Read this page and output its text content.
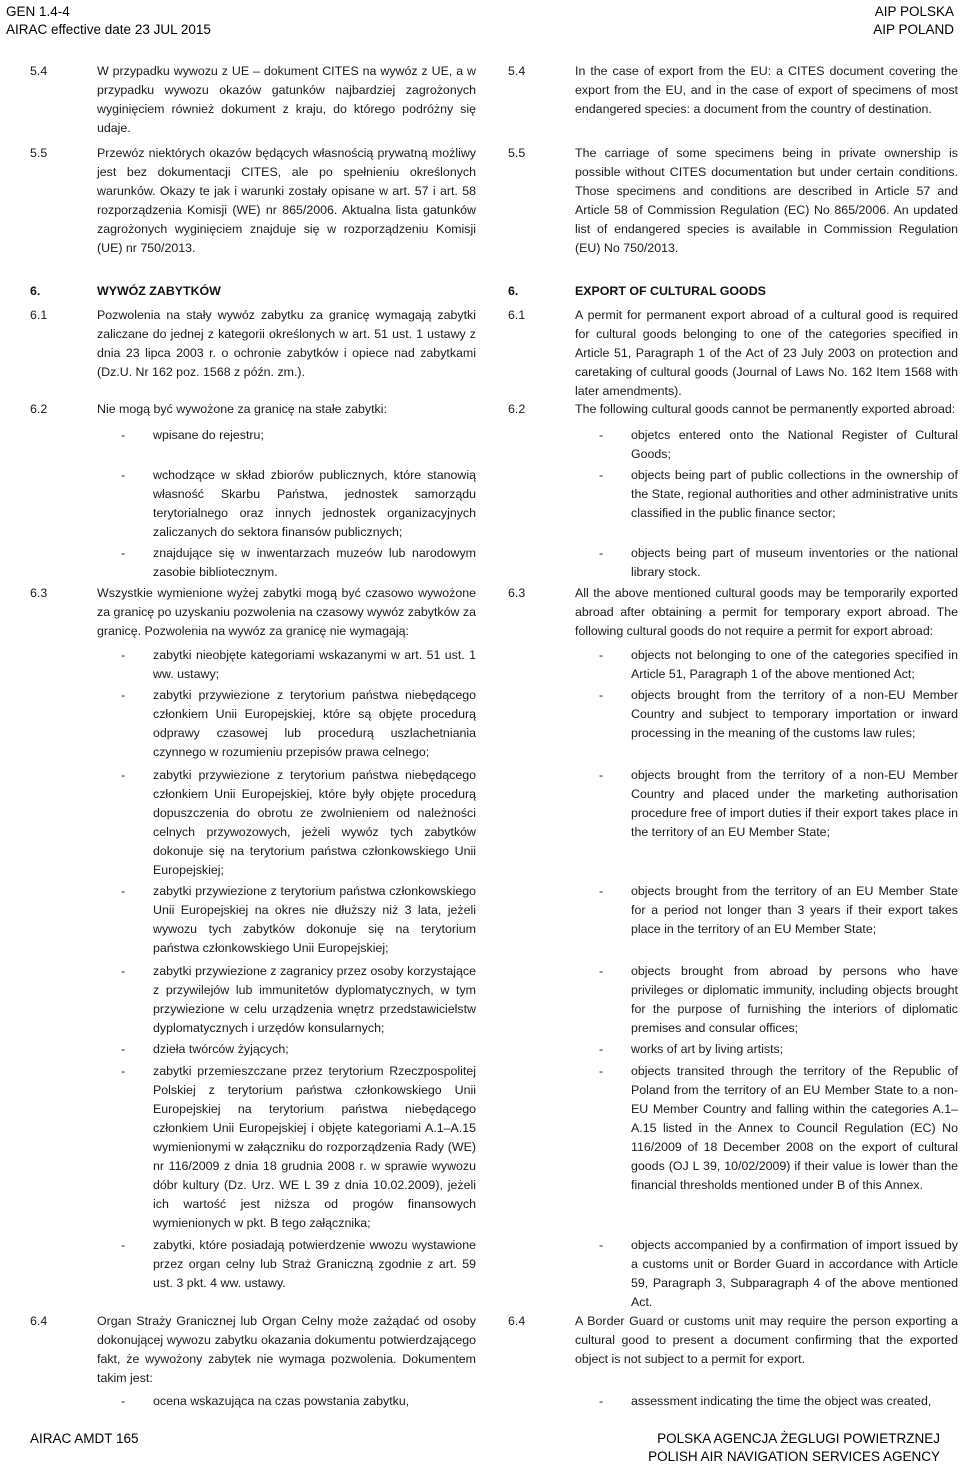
GEN 1.4-4
AIRAC effective date 23 JUL 2015
AIP POLSKA
AIP POLAND
5.4	W przypadku wywozu z UE – dokument CITES na wywóz z UE, a w przypadku wywozu okazów gatunków najbardziej zagrożonych wyginięciem również dokument z kraju, do którego podróżny się udaje.
5.5	Przewóz niektórych okazów będących własnością prywatną możliwy jest bez dokumentacji CITES, ale po spełnieniu określonych warunków. Okazy te jak i warunki zostały opisane w art. 57 i art. 58 rozporządzenia Komisji (WE) nr 865/2006. Aktualna lista gatunków zagrożonych wyginięciem znajduje się w rozporządzeniu Komisji (UE) nr 750/2013.
6.	WYWÓZ ZABYTKÓW
6.1	Pozwolenia na stały wywóz zabytku za granicę wymagają zabytki zaliczane do jednej z kategorii określonych w art. 51 ust. 1 ustawy z dnia 23 lipca 2003 r. o ochronie zabytków i opiece nad zabytkami (Dz.U. Nr 162 poz. 1568 z późn. zm.).
6.2	Nie mogą być wywożone za granicę na stałe zabytki:
- wpisane do rejestru;
- wchodzące w skład zbiorów publicznych, które stanowią własność Skarbu Państwa, jednostek samorządu terytorialnego oraz innych jednostek organizacyjnych zaliczanych do sektora finansów publicznych;
- znajdujące się w inwentarzach muzeów lub narodowym zasobie bibliotecznym.
6.3	Wszystkie wymienione wyżej zabytki mogą być czasowo wywożone za granicę po uzyskaniu pozwolenia na czasowy wywóz zabytków za granicę. Pozwolenia na wywóz za granicę nie wymagają:
- zabytki nieobjęte kategoriami wskazanymi w art. 51 ust. 1 ww. ustawy;
- zabytki przywiezione z terytorium państwa niebędącego członkiem Unii Europejskiej, które są objęte procedurą odprawy czasowej lub procedurą uszlachetniania czynnego w rozumieniu przepisów prawa celnego;
- zabytki przywiezione z terytorium państwa niebędącego członkiem Unii Europejskiej, które były objęte procedurą dopuszczenia do obrotu ze zwolnieniem od należności celnych przywozowych, jeżeli wywóz tych zabytków dokonuje się na terytorium państwa członkowskiego Unii Europejskiej;
- zabytki przywiezione z terytorium państwa członkowskiego Unii Europejskiej na okres nie dłuższy niż 3 lata, jeżeli wywozu tych zabytków dokonuje się na terytorium państwa członkowskiego Unii Europejskiej;
- zabytki przywiezione z zagranicy przez osoby korzystające z przywilejów lub immunitetów dyplomatycznych, w tym przywiezione w celu urządzenia wnętrz przedstawicielstw dyplomatycznych i urzędów konsularnych;
- dzieła twórców żyjących;
- zabytki przemieszczane przez terytorium Rzeczpospolitej Polskiej z terytorium państwa członkowskiego Unii Europejskiej na terytorium państwa niebędącego członkiem Unii Europejskiej i objęte kategoriami A.1–A.15 wymienionymi w załączniku do rozporządzenia Rady (WE) nr 116/2009 z dnia 18 grudnia 2008 r. w sprawie wywozu dóbr kultury (Dz. Urz. WE L 39 z dnia 10.02.2009), jeżeli ich wartość jest niższa od progów finansowych wymienionych w pkt. B tego załącznika;
- zabytki, które posiadają potwierdzenie wwozu wystawione przez organ celny lub Straż Graniczną zgodnie z art. 59 ust. 3 pkt. 4 ww. ustawy.
6.4	Organ Straży Granicznej lub Organ Celny może zażądać od osoby dokonującej wywozu zabytku okazania dokumentu potwierdzającego fakt, że wywożony zabytek nie wymaga pozwolenia. Dokumentem takim jest:
- ocena wskazująca na czas powstania zabytku,
5.4	In the case of export from the EU: a CITES document covering the export from the EU, and in the case of export of specimens of most endangered species: a document from the country of destination.
5.5	The carriage of some specimens being in private ownership is possible without CITES documentation but under certain conditions. Those specimens and conditions are described in Article 57 and Article 58 of Commission Regulation (EC) No 865/2006. An updated list of endangered species is available in Commission Regulation (EU) No 750/2013.
6.	EXPORT OF CULTURAL GOODS
6.1	A permit for permanent export abroad of a cultural good is required for cultural goods belonging to one of the categories specified in Article 51, Paragraph 1 of the Act of 23 July 2003 on protection and caretaking of cultural goods (Journal of Laws No. 162 Item 1568 with later amendments).
6.2	The following cultural goods cannot be permanently exported abroad:
- objetcs entered onto the National Register of Cultural Goods;
- objects being part of public collections in the ownership of the State, regional authorities and other administrative units classified in the public finance sector;
- objects being part of museum inventories or the national library stock.
6.3	All the above mentioned cultural goods may be temporarily exported abroad after obtaining a permit for temporary export abroad. The following cultural goods do not require a permit for export abroad:
- objects not belonging to one of the categories specified in Article 51, Paragraph 1 of the above mentioned Act;
- objects brought from the territory of a non-EU Member Country and subject to temporary importation or inward processing in the meaning of the customs law rules;
- objects brought from the territory of a non-EU Member Country and placed under the marketing authorisation procedure free of import duties if their export takes place in the territory of an EU Member State;
- objects brought from the territory of an EU Member State for a period not longer than 3 years if their export takes place in the territory of an EU Member State;
- objects brought from abroad by persons who have privileges or diplomatic immunity, including objects brought for the purpose of furnishing the interiors of diplomatic premises and consular offices;
- works of art by living artists;
- objects transited through the territory of the Republic of Poland from the territory of an EU Member State to a non-EU Member Country and falling within the categories A.1–A.15 listed in the Annex to Council Regulation (EC) No 116/2009 of 18 December 2008 on the export of cultural goods (OJ L 39, 10/02/2009) if their value is lower than the financial thresholds mentioned under B of this Annex.
- objects accompanied by a confirmation of import issued by a customs unit or Border Guard in accordance with Article 59, Paragraph 3, Subparagraph 4 of the above mentioned Act.
6.4	A Border Guard or customs unit may require the person exporting a cultural good to present a document confirming that the exported object is not subject to a permit for export.
- assessment indicating the time the object was created,
AIRAC AMDT 165	POLSKA AGENCJA ŻEGLUGI POWIETRZNEJ
POLISH AIR NAVIGATION SERVICES AGENCY
